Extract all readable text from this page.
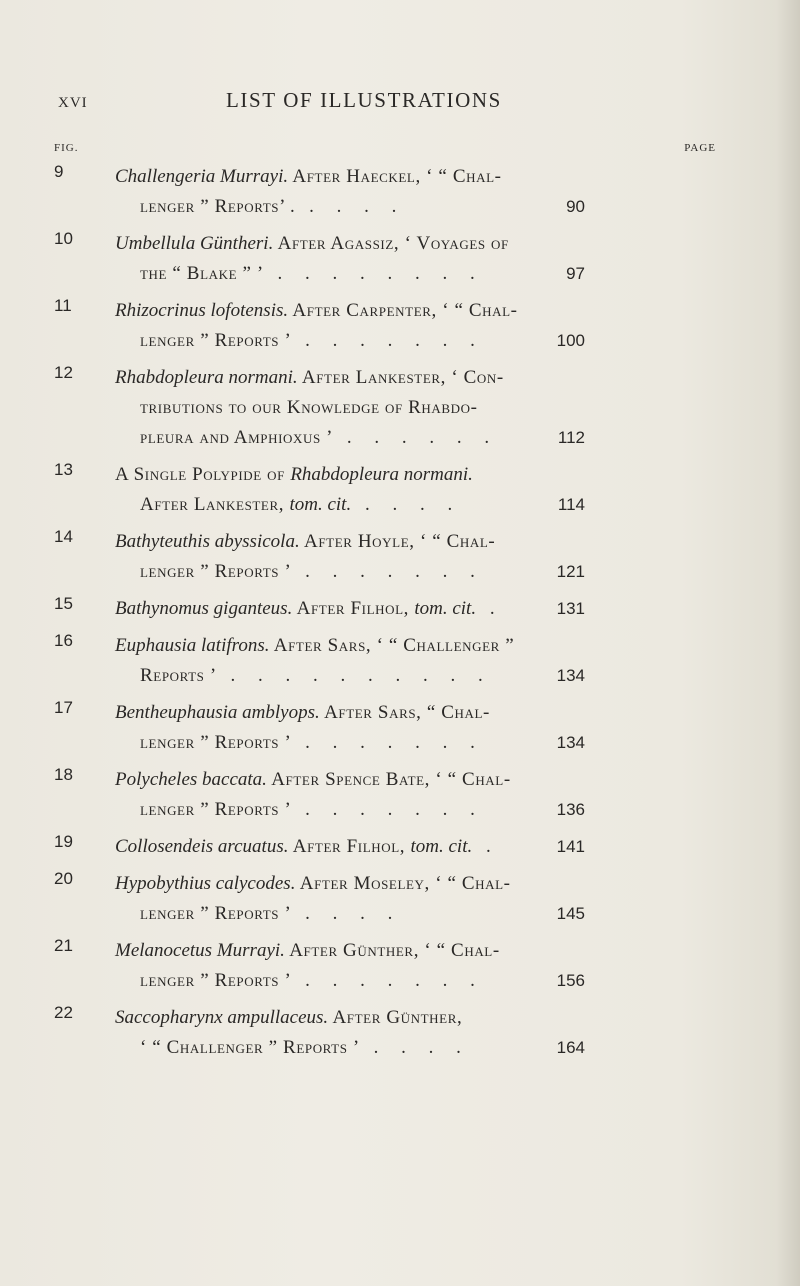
xvi	LIST OF ILLUSTRATIONS
FIG.	PAGE
9	Challengeria Murrayi. After Haeckel, ‘ “ Chal-
lenger ” Reports’ . . . . .	90
10	Umbellula Güntheri. After Agassiz, ‘ Voyages of
the “ Blake ” ’ . . . . . . . .	97
11	Rhizocrinus lofotensis. After Carpenter, ‘ “ Chal-
lenger ” Reports ’ . . . . . . .	100
12	Rhabdopleura normani. After Lankester, ‘ Con-
tributions to our Knowledge of Rhabdo-
pleura and Amphioxus ’ . . . . . .	112
13	A Single Polypide of Rhabdopleura normani.
After Lankester, tom. cit. . . . .	114
14	Bathyteuthis abyssicola. After Hoyle, ‘ “ Chal-
lenger ” Reports ’ . . . . . . .	121
15	Bathynomus giganteus. After Filhol, tom. cit. .	131
16	Euphausia latifrons. After Sars, ‘ “ Challenger ”
Reports ’ . . . . . . . . . .	134
17	Bentheuphausia amblyops. After Sars, “ Chal-
lenger ” Reports ’ . . . . . . .	134
18	Polycheles baccata. After Spence Bate, ‘ “ Chal-
lenger ” Reports ’ . . . . . . .	136
19	Collosendeis arcuatus. After Filhol, tom. cit. .	141
20	Hypobythius calycodes. After Moseley, ‘ “ Chal-
lenger ” Reports ’ . . . .	145
21	Melanocetus Murrayi. After Günther, ‘ “ Chal-
lenger ” Reports ’ . . . . . . .	156
22	Saccopharynx ampullaceus. After Günther,
‘ “ Challenger ” Reports ’ . . . .	164
